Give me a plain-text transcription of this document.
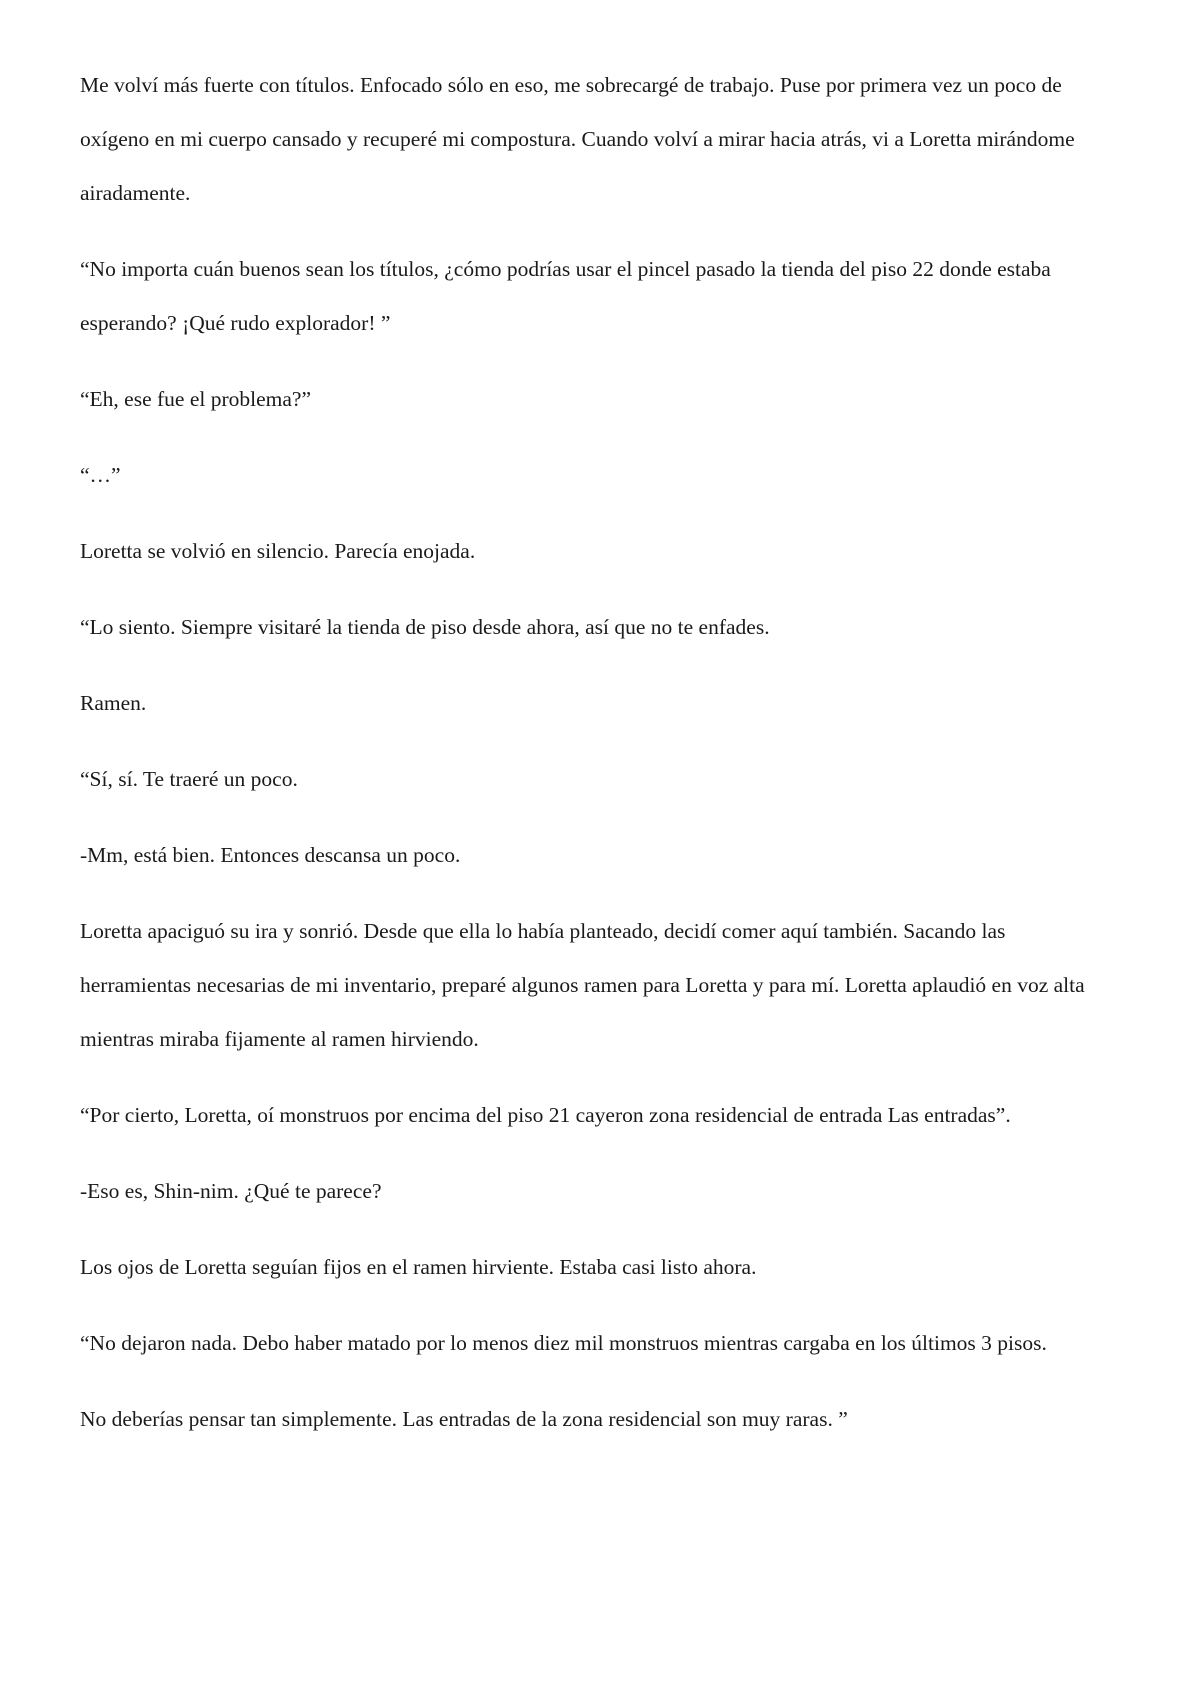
Me volví más fuerte con títulos. Enfocado sólo en eso, me sobrecargé de trabajo. Puse por primera vez un poco de oxígeno en mi cuerpo cansado y recuperé mi compostura. Cuando volví a mirar hacia atrás, vi a Loretta mirándome airadamente.

“No importa cuán buenos sean los títulos, ¿cómo podrías usar el pincel pasado la tienda del piso 22 donde estaba esperando? ¡Qué rudo explorador! ”

“Eh, ese fue el problema?”

“…”

Loretta se volvió en silencio. Parecía enojada.

“Lo siento. Siempre visitaré la tienda de piso desde ahora, así que no te enfades.

Ramen.

“Sí, sí. Te traeré un poco.

-Mm, está bien. Entonces descansa un poco.

Loretta apaciguó su ira y sonrió. Desde que ella lo había planteado, decidí comer aquí también. Sacando las herramientas necesarias de mi inventario, preparé algunos ramen para Loretta y para mí. Loretta aplaudió en voz alta mientras miraba fijamente al ramen hirviendo.

“Por cierto, Loretta, oí monstruos por encima del piso 21 cayeron zona residencial de entrada Las entradas”.

-Eso es, Shin-nim. ¿Qué te parece?

Los ojos de Loretta seguían fijos en el ramen hirviente. Estaba casi listo ahora.

“No dejaron nada. Debo haber matado por lo menos diez mil monstruos mientras cargaba en los últimos 3 pisos.

No deberías pensar tan simplemente. Las entradas de la zona residencial son muy raras. ”
